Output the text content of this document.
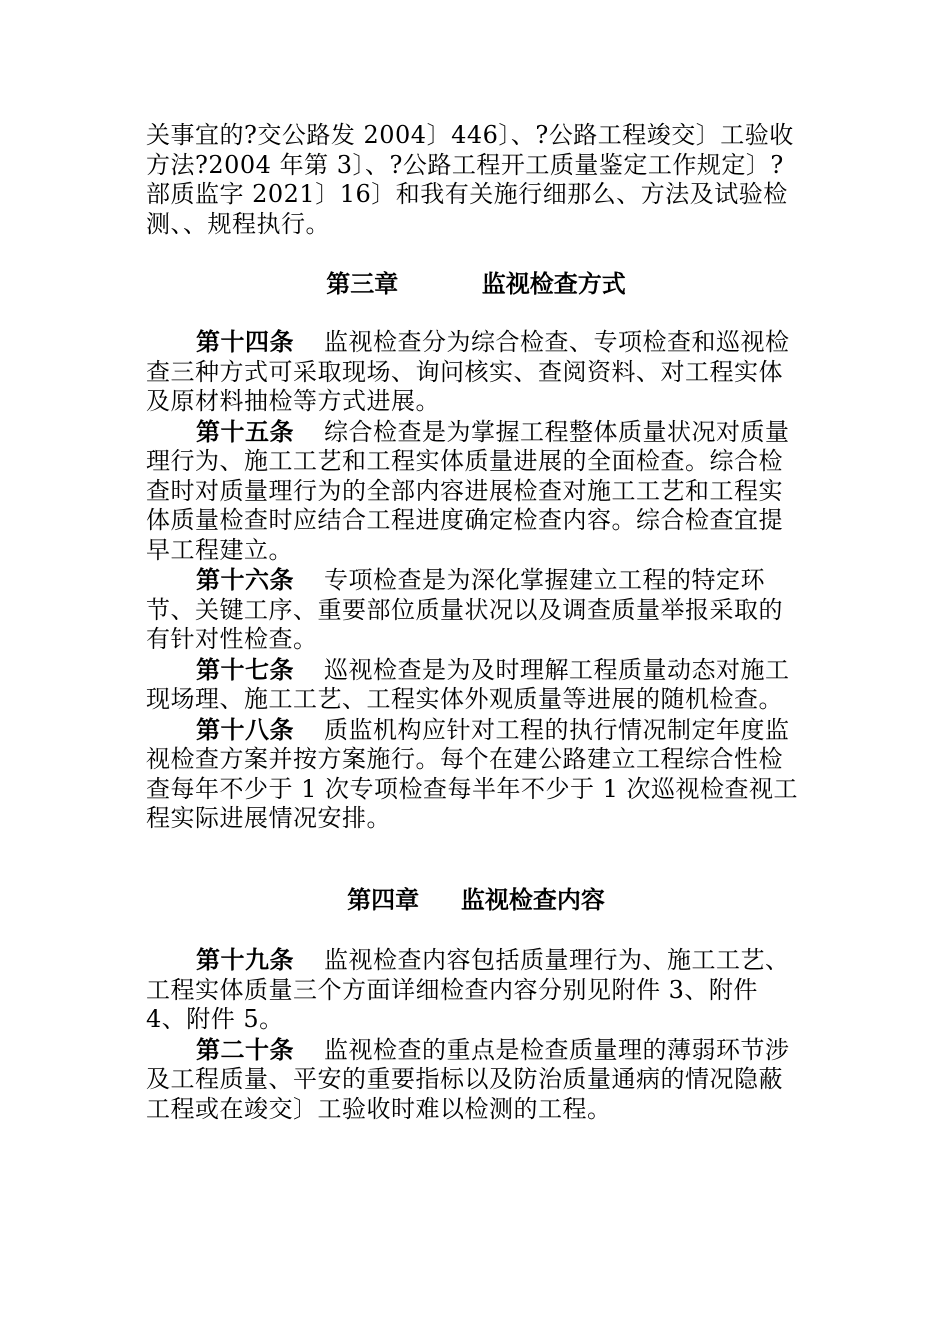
关事宜的?交公路发 2004〕446〕、?公路工程竣交〕工验收方法?2004 年第 3〕、?公路工程开工质量鉴定工作规定〕?部质监字 2021〕16〕和我有关施行细那么、方法及试验检测、、规程执行。

第三章	监视检查方式

第十四条 监视检查分为综合检查、专项检查和巡视检查三种方式可采取现场、询问核实、查阅资料、对工程实体及原材料抽检等方式进展。

第十五条 综合检查是为掌握工程整体质量状况对质量理行为、施工工艺和工程实体质量进展的全面检查。综合检查时对质量理行为的全部内容进展检查对施工工艺和工程实体质量检查时应结合工程进度确定检查内容。综合检查宜提早工程建立。

第十六条 专项检查是为深化掌握建立工程的特定环节、关键工序、重要部位质量状况以及调查质量举报采取的有针对性检查。

第十七条 巡视检查是为及时理解工程质量动态对施工现场理、施工工艺、工程实体外观质量等进展的随机检查。

第十八条 质监机构应针对工程的执行情况制定年度监视检查方案并按方案施行。每个在建公路建立工程综合性检查每年不少于 1 次专项检查每半年不少于 1 次巡视检查视工程实际进展情况安排。

第四章 监视检查内容

第十九条 监视检查内容包括质量理行为、施工工艺、工程实体质量三个方面详细检查内容分别见附件 3、附件 4、附件 5。

第二十条 监视检查的重点是检查质量理的薄弱环节涉及工程质量、平安的重要指标以及防治质量通病的情况隐蔽工程或在竣交〕工验收时难以检测的工程。
